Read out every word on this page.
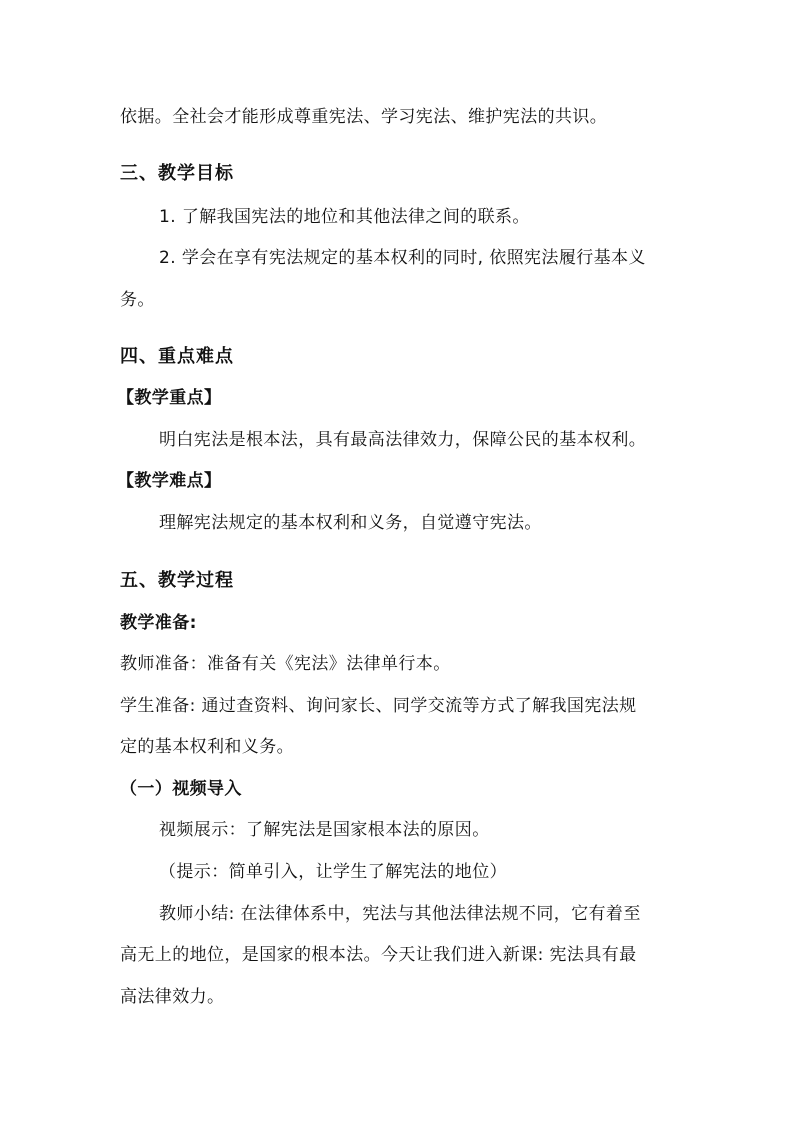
依据。全社会才能形成尊重宪法、学习宪法、维护宪法的共识。

三、教学目标

1. 了解我国宪法的地位和其他法律之间的联系。

2. 学会在享有宪法规定的基本权利的同时, 依照宪法履行基本义

务。

四、重点难点

【教学重点】

明白宪法是根本法，具有最高法律效力，保障公民的基本权利。

【教学难点】

理解宪法规定的基本权利和义务，自觉遵守宪法。

五、教学过程

教学准备:

教师准备：准备有关《宪法》法律单行本。

学生准备: 通过查资料、询问家长、同学交流等方式了解我国宪法规

定的基本权利和义务。

（一）视频导入

视频展示：了解宪法是国家根本法的原因。

（提示：简单引入，让学生了解宪法的地位）

教师小结: 在法律体系中，宪法与其他法律法规不同，它有着至

高无上的地位，是国家的根本法。今天让我们进入新课: 宪法具有最

高法律效力。
